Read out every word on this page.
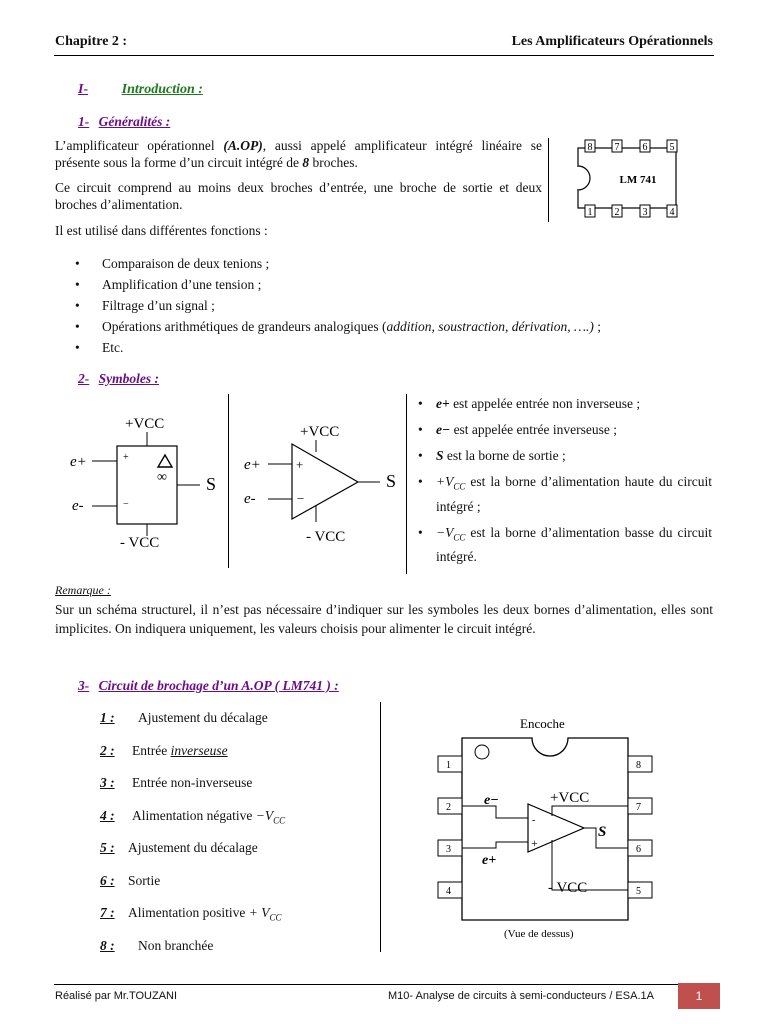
Chapitre 2 :	Les Amplificateurs Opérationnels
I- Introduction :
1- Généralités :

L’amplificateur opérationnel (A.OP), aussi appelé amplificateur intégré linéaire se présente sous la forme d’un circuit intégré de 8 broches.

Ce circuit comprend au moins deux broches d’entrée, une broche de sortie et deux broches d’alimentation.

8 7 6 5
1 2 3 4
LM 741
Il est utilisé dans différentes fonctions :
• Comparaison de deux tenions ;
• Amplification d’une tension ;
• Filtrage d’un signal ;
• Opérations arithmétiques de grandeurs analogiques (addition, soustraction, dérivation, ….) ;
• Etc.
2- Symboles :
+VCC
- VCC
e+
e-
+
−
∞ S
+VCC
- VCC
e+
e-
+
−
S
• e+ est appelée entrée non inverseuse ;
• e− est appelée entrée inverseuse ;
• S est la borne de sortie ;
• $+V_{CC}$ est la borne d’alimentation haute du circuit intégré ;
• $-V_{CC}$ est la borne d’alimentation basse du circuit intégré.
Remarque :
Sur un schéma structurel, il n’est pas nécessaire d’indiquer sur les symboles les deux bornes d’alimentation, elles sont implicites. On indiquera uniquement, les valeurs choisis pour alimenter le circuit intégré.
3- Circuit de brochage d’un A.OP ( LM741 ) :
1 : Ajustement du décalage
2 : Entrée inverseuse
3 : Entrée non-inverseuse
4 : Alimentation négative $-V_{CC}$
5 : Ajustement du décalage
6 : Sortie
7 : Alimentation positive + $V_{CC}$
8 : Non branchée
Encoche
1
2
3
4
8
7
6
5
-
+
e−
e+
+VCC
- VCC
S
(Vue de dessus)
Réalisé par Mr.TOUZANI	M10- Analyse de circuits à semi-conducteurs / ESA.1A	1
